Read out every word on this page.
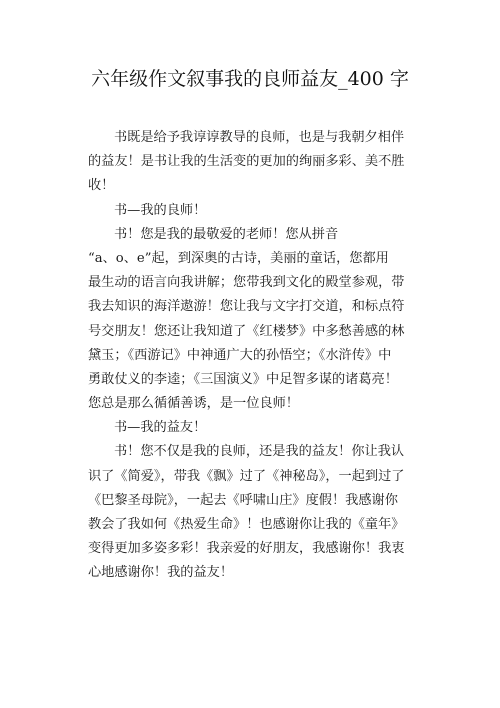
六年级作文叙事我的良师益友_400 字
书既是给予我谆谆教导的良师，也是与我朝夕相伴
的益友！是书让我的生活变的更加的绚丽多彩、美不胜
收！
书—我的良师！
书！您是我的最敬爱的老师！您从拼音
“a、o、e”起，到深奥的古诗，美丽的童话，您都用
最生动的语言向我讲解；您带我到文化的殿堂参观，带
我去知识的海洋遨游！您让我与文字打交道，和标点符
号交朋友！您还让我知道了《红楼梦》中多愁善感的林
黛玉；《西游记》中神通广大的孙悟空；《水浒传》中
勇敢仗义的李逵；《三国演义》中足智多谋的诸葛亮！
您总是那么循循善诱，是一位良师！
书—我的益友！
书！您不仅是我的良师，还是我的益友！你让我认
识了《简爱》，带我《飘》过了《神秘岛》，一起到过了
《巴黎圣母院》，一起去《呼啸山庄》度假！我感谢你
教会了我如何《热爱生命》！也感谢你让我的《童年》
变得更加多姿多彩！我亲爱的好朋友，我感谢你！我衷
心地感谢你！我的益友！
